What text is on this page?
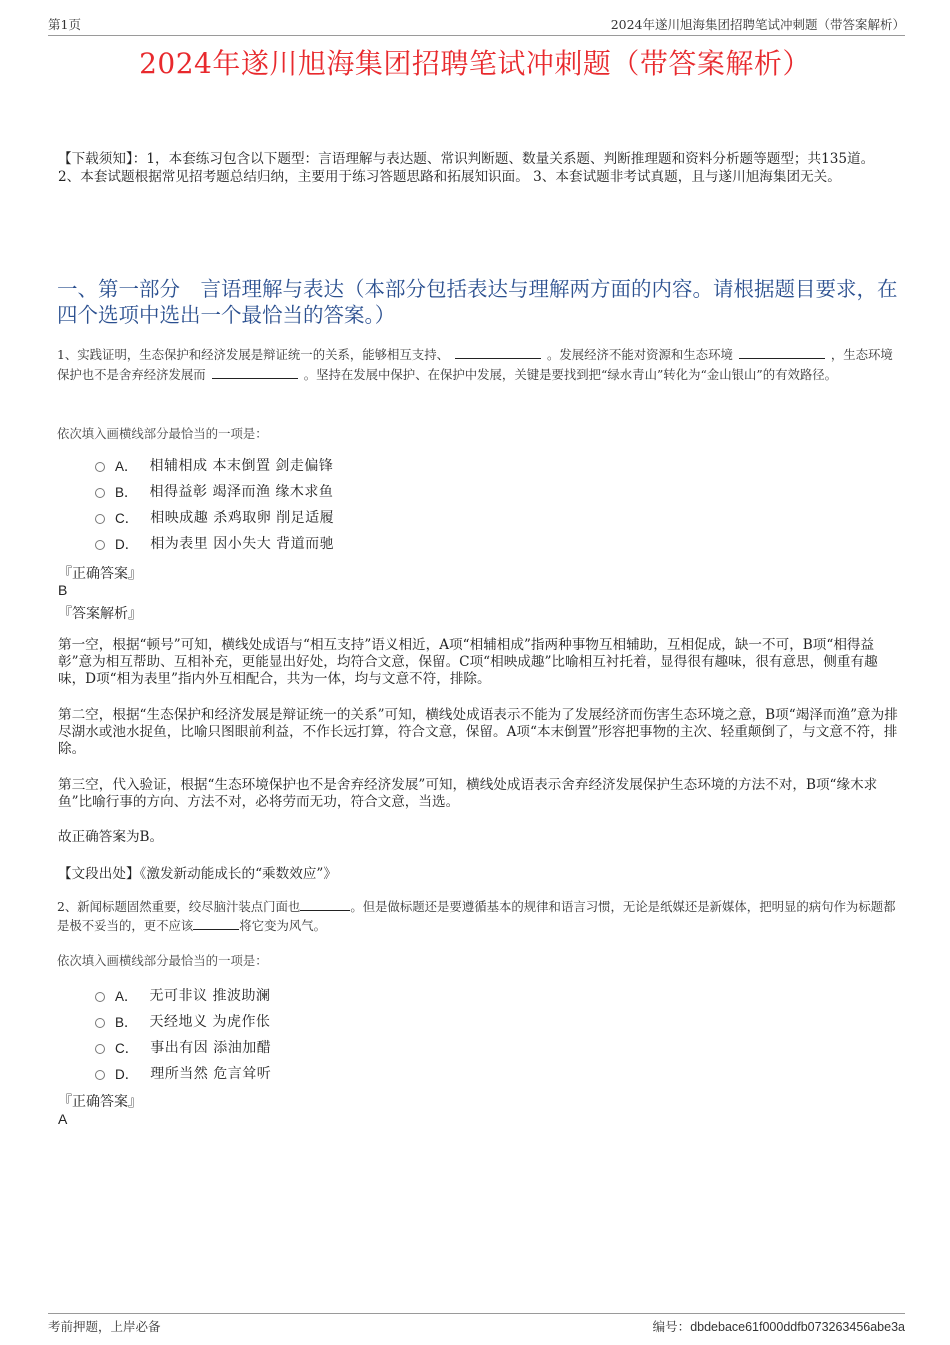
第1页	2024年遂川旭海集团招聘笔试冲刺题（带答案解析）
2024年遂川旭海集团招聘笔试冲刺题（带答案解析）
【下载须知】：1，本套练习包含以下题型：言语理解与表达题、常识判断题、数量关系题、判断推理题和资料分析题等题型；共135道。 2、本套试题根据常见招考题总结归纳，主要用于练习答题思路和拓展知识面。 3、本套试题非考试真题，且与遂川旭海集团无关。
一、第一部分　言语理解与表达（本部分包括表达与理解两方面的内容。请根据题目要求，在四个选项中选出一个最恰当的答案。）
1、实践证明，生态保护和经济发展是辩证统一的关系，能够相互支持、	。发展经济不能对资源和生态环境	，生态环境保护也不是舍弃经济发展而	。坚持在发展中保护、在保护中发展，关键是要找到把“绿水青山”转化为“金山银山”的有效路径。
依次填入画横线部分最恰当的一项是：
A． 相辅相成 本末倒置 剑走偏锋
B． 相得益彰 竭泽而渔 缘木求鱼
C． 相映成趣 杀鸡取卵 削足适履
D． 相为表里 因小失大 背道而驰
『正确答案』
B
『答案解析』
第一空，根据“顿号”可知，横线处成语与“相互支持”语义相近，A项“相辅相成”指两种事物互相辅助，互相促成，缺一不可，B项“相得益彰”意为相互帮助、互相补充，更能显出好处，均符合文意，保留。C项“相映成趣”比喻相互衬托着，显得很有趣味，很有意思，侧重有趣味，D项“相为表里”指内外互相配合，共为一体，均与文意不符，排除。
第二空，根据“生态保护和经济发展是辩证统一的关系”可知，横线处成语表示不能为了发展经济而伤害生态环境之意，B项“竭泽而渔”意为排尽湖水或池水捉鱼，比喻只图眼前利益，不作长远打算，符合文意，保留。A项“本末倒置”形容把事物的主次、轻重颠倒了，与文意不符，排除。
第三空，代入验证，根据“生态环境保护也不是舍弃经济发展”可知，横线处成语表示舍弃经济发展保护生态环境的方法不对，B项“缘木求鱼”比喻行事的方向、方法不对，必将劳而无功，符合文意，当选。
故正确答案为B。
【文段出处】《激发新动能成长的“乘数效应”》
2、新闻标题固然重要，绞尽脑汁装点门面也	。但是做标题还是要遵循基本的规律和语言习惯，无论是纸媒还是新媒体，把明显的病句作为标题都是极不妥当的，更不应该	将它变为风气。
依次填入画横线部分最恰当的一项是：
A． 无可非议 推波助澜
B． 天经地义 为虎作伥
C． 事出有因 添油加醋
D． 理所当然 危言耸听
『正确答案』
A
考前押题，上岸必备	编号：dbdebace61f000ddfb073263456abe3a
